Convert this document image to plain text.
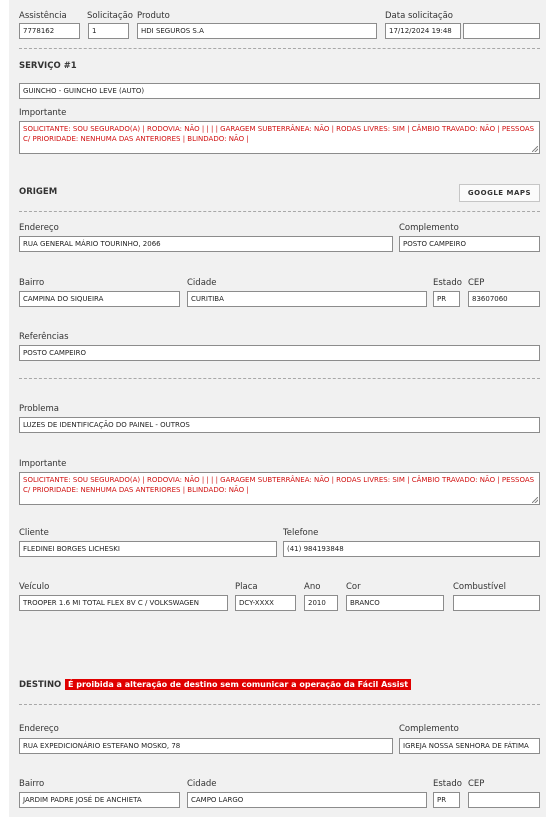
Assistência
7778162
Solicitação
1
Produto
HDI SEGUROS S.A
Data solicitação
17/12/2024 19:48
SERVIÇO #1
GUINCHO - GUINCHO LEVE (AUTO)
Importante
SOLICITANTE: SOU SEGURADO(A) | RODOVIA: NÃO | | | | GARAGEM SUBTERRÂNEA: NÃO | RODAS LIVRES: SIM | CÂMBIO TRAVADO: NÃO | PESSOAS C/ PRIORIDADE: NENHUMA DAS ANTERIORES | BLINDADO: NÃO |
ORIGEM	GOOGLE MAPS
Endereço
RUA GENERAL MÁRIO TOURINHO, 2066
Complemento
POSTO CAMPEIRO
Bairro
CAMPINA DO SIQUEIRA
Cidade
CURITIBA
Estado
PR
CEP
83607060
Referências
POSTO CAMPEIRO
Problema
LUZES DE IDENTIFICAÇÃO DO PAINEL - OUTROS
Importante
SOLICITANTE: SOU SEGURADO(A) | RODOVIA: NÃO | | | | GARAGEM SUBTERRÂNEA: NÃO | RODAS LIVRES: SIM | CÂMBIO TRAVADO: NÃO | PESSOAS C/ PRIORIDADE: NENHUMA DAS ANTERIORES | BLINDADO: NÃO |
Cliente
FLEDINEI BORGES LICHESKI
Telefone
(41) 984193848
Veículo
TROOPER 1.6 MI TOTAL FLEX 8V C / VOLKSWAGEN
Placa
DCY-XXXX
Ano
2010
Cor
BRANCO
Combustível
DESTINO É proibida a alteração de destino sem comunicar a operação da Fácil Assist
Endereço
RUA EXPEDICIONÁRIO ESTEFANO MOSKO, 78
Complemento
IGREJA NOSSA SENHORA DE FÁTIMA
Bairro
JARDIM PADRE JOSÉ DE ANCHIETA
Cidade
CAMPO LARGO
Estado
PR
CEP
